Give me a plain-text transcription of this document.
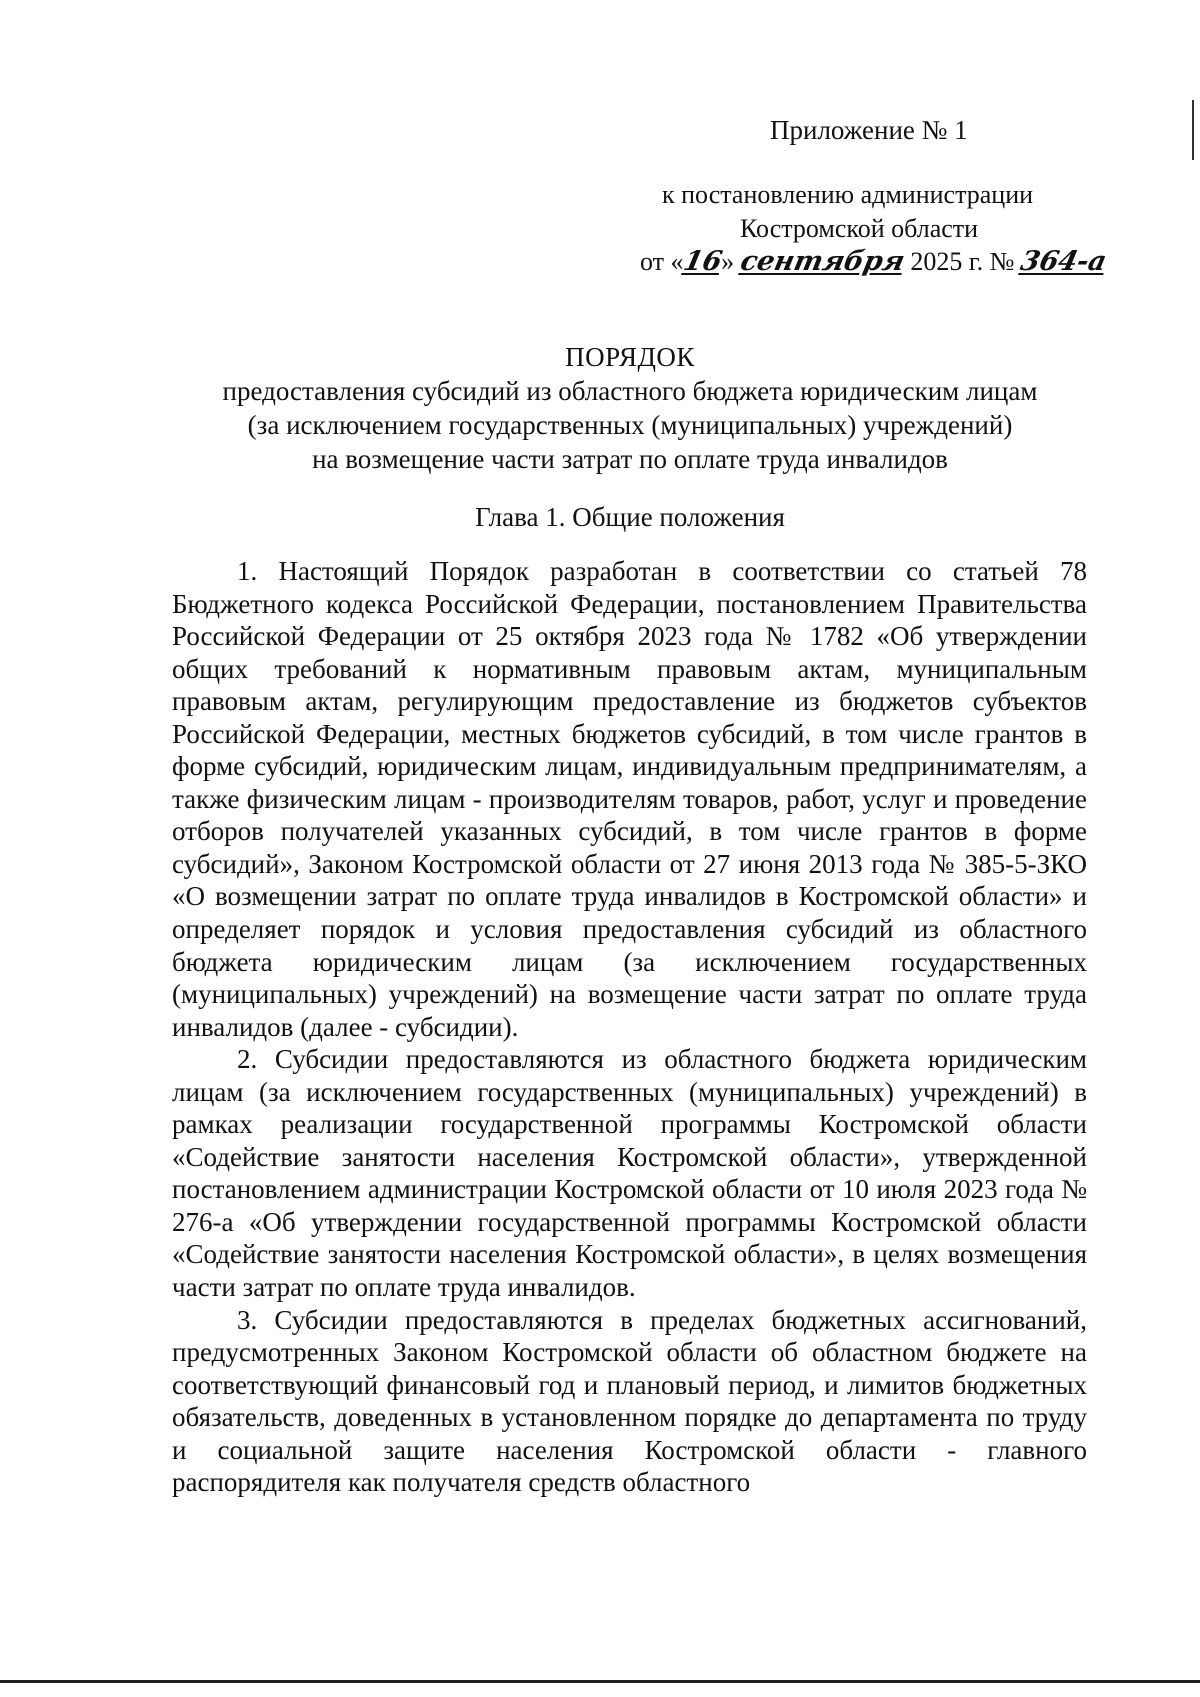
Приложение № 1
к постановлению администрации
Костромской области
от «16» сентября 2025 г. № 364-а
ПОРЯДОК
предоставления субсидий из областного бюджета юридическим лицам
(за исключением государственных (муниципальных) учреждений)
на возмещение части затрат по оплате труда инвалидов
Глава 1. Общие положения

1. Настоящий Порядок разработан в соответствии со статьей 78 Бюджетного кодекса Российской Федерации, постановлением Правительства Российской Федерации от 25 октября 2023 года № 1782 «Об утверждении общих требований к нормативным правовым актам, муниципальным правовым актам, регулирующим предоставление из бюджетов субъектов Российской Федерации, местных бюджетов субсидий, в том числе грантов в форме субсидий, юридическим лицам, индивидуальным предпринимателям, а также физическим лицам - производителям товаров, работ, услуг и проведение отборов получателей указанных субсидий, в том числе грантов в форме субсидий», Законом Костромской области от 27 июня 2013 года № 385-5-ЗКО «О возмещении затрат по оплате труда инвалидов в Костромской области» и определяет порядок и условия предоставления субсидий из областного бюджета юридическим лицам (за исключением государственных (муниципальных) учреждений) на возмещение части затрат по оплате труда инвалидов (далее - субсидии).

2. Субсидии предоставляются из областного бюджета юридическим лицам (за исключением государственных (муниципальных) учреждений) в рамках реализации государственной программы Костромской области «Содействие занятости населения Костромской области», утвержденной постановлением администрации Костромской области от 10 июля 2023 года № 276-а «Об утверждении государственной программы Костромской области «Содействие занятости населения Костромской области», в целях возмещения части затрат по оплате труда инвалидов.

3. Субсидии предоставляются в пределах бюджетных ассигнований, предусмотренных Законом Костромской области об областном бюджете на соответствующий финансовый год и плановый период, и лимитов бюджетных обязательств, доведенных в установленном порядке до департамента по труду и социальной защите населения Костромской области - главного распорядителя как получателя средств областного
